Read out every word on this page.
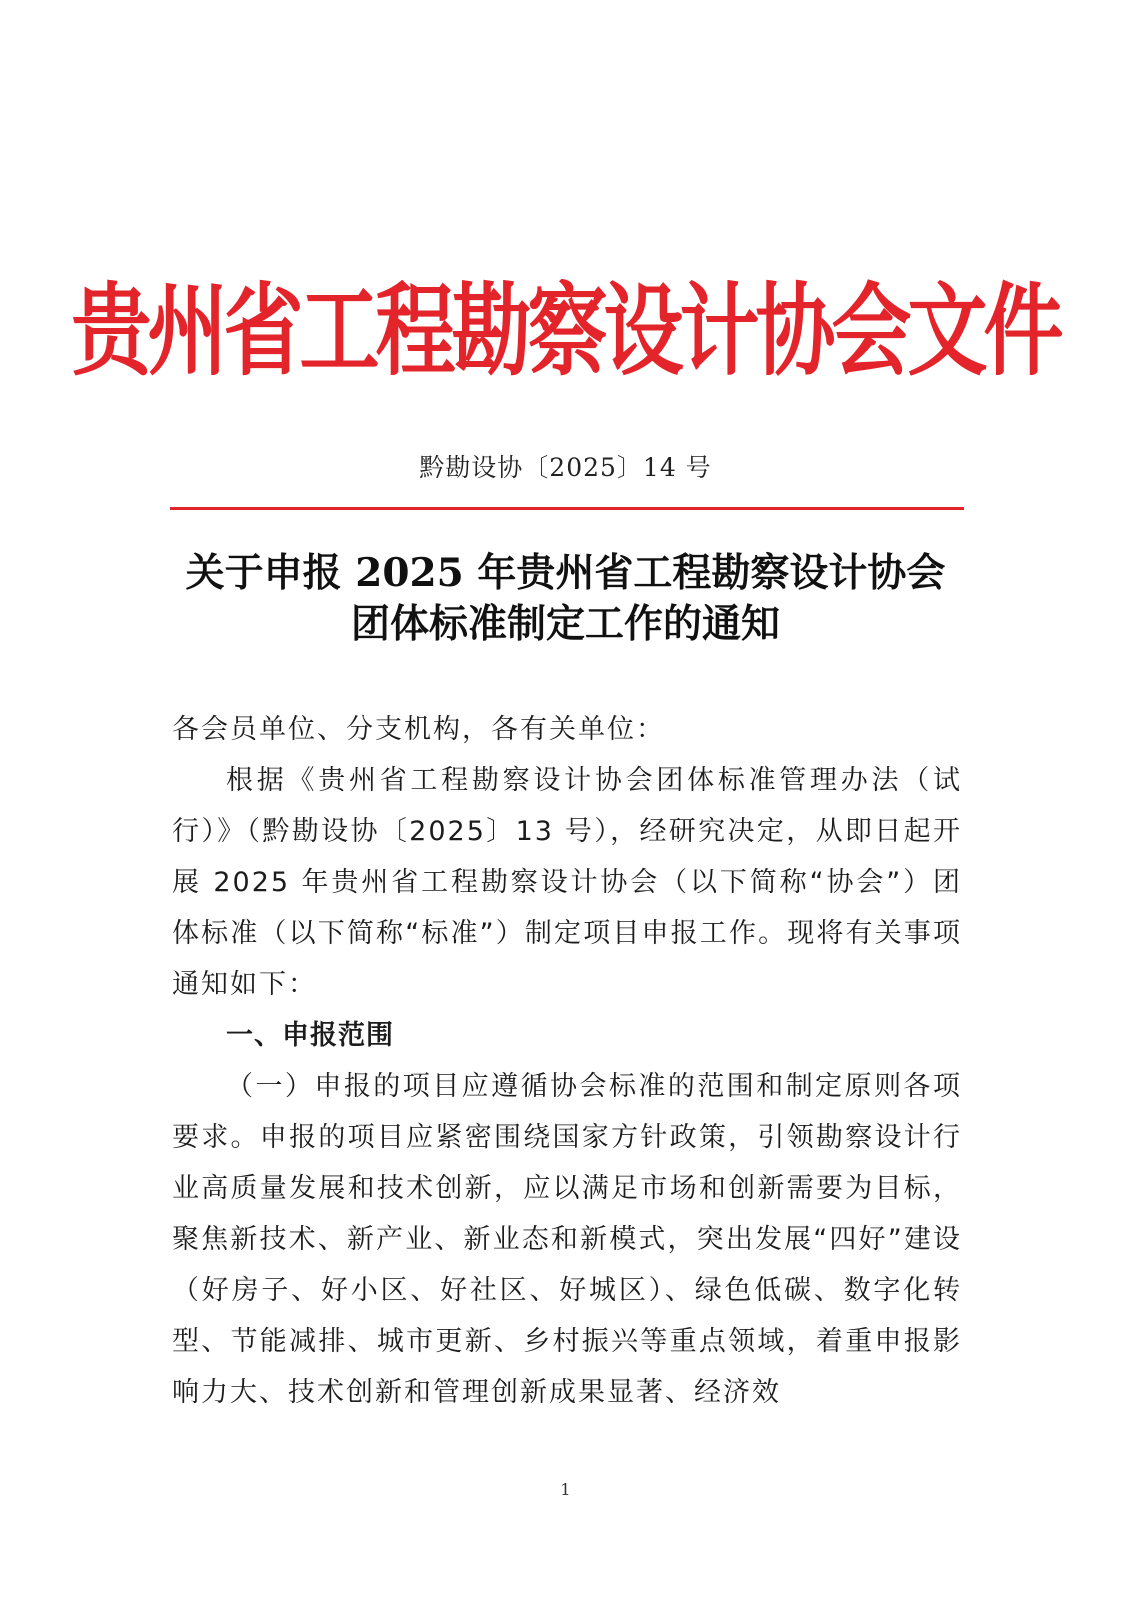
贵州省工程勘察设计协会文件
黔勘设协〔2025〕14 号
关于申报 2025 年贵州省工程勘察设计协会
团体标准制定工作的通知

各会员单位、分支机构，各有关单位：

根据《贵州省工程勘察设计协会团体标准管理办法（试行）》（黔勘设协〔2025〕13 号），经研究决定，从即日起开展 2025 年贵州省工程勘察设计协会（以下简称“协会”）团体标准（以下简称“标准”）制定项目申报工作。现将有关事项通知如下：

一、申报范围

（一）申报的项目应遵循协会标准的范围和制定原则各项要求。申报的项目应紧密围绕国家方针政策，引领勘察设计行业高质量发展和技术创新，应以满足市场和创新需要为目标，聚焦新技术、新产业、新业态和新模式，突出发展“四好”建设（好房子、好小区、好社区、好城区）、绿色低碳、数字化转型、节能减排、城市更新、乡村振兴等重点领域，着重申报影响力大、技术创新和管理创新成果显著、经济效

1
